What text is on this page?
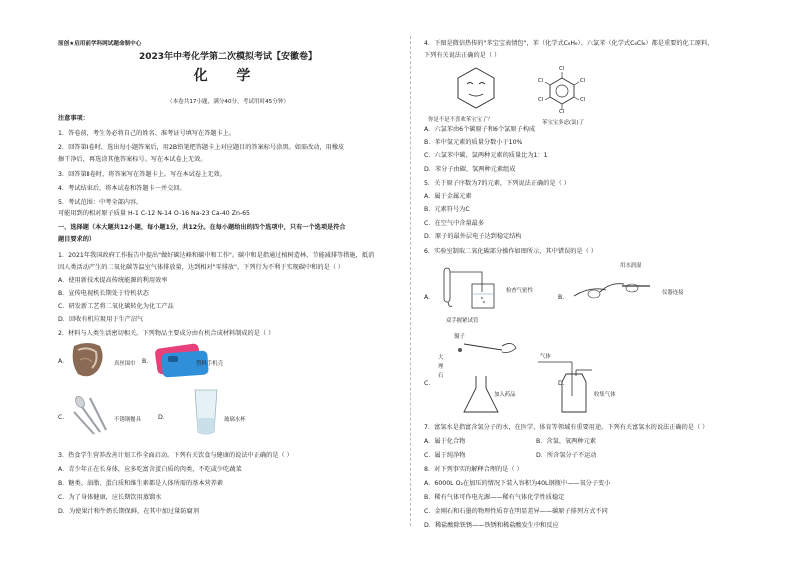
原创★启用前学科网试题命制中心
2023年中考化学第二次模拟考试【安徽卷】
化 学
（本卷共17小题，满分40分，考试用时45分钟）
注意事项：
1．答卷前，考生务必将自己的姓名、准考证号填写在答题卡上。
2．回答第Ⅰ卷时，选出每小题答案后，用2B铅笔把答题卡上对应题目的答案标号涂黑。如需改动，用橡皮
擦干净后，再选涂其他答案标号。写在本试卷上无效。
3．回答第Ⅱ卷时，将答案写在答题卡上。写在本试卷上无效。
4．考试结束后，将本试卷和答题卡一并交回。
5．考试范围：中考全部内容。
可能用到的相对原子质量 H-1 C-12 N-14 O-16 Na-23 Ca-40 Zn-65
一、选择题（本大题共12小题，每小题1分，共12分。在每小题给出的四个选项中，只有一个选项是符合
题目要求的）
1．2021年我国政府工作报告中提出"做好碳达峰和碳中和工作"。碳中和是指通过植树造林、节能减排等措施，抵消
因人类活动产生的二氧化碳等温室气体排放量，达到相对"零排放"。下列行为不利于实现碳中和的是（ ）
A．使用新技术提高传统能源的利用效率
B．宣传电视机长期处于待机状态
C．研发新工艺将二氧化碳转化为化工产品
D．回收有机垃圾用于生产沼气
2．材料与人类生活密切相关。下列物品主要成分由有机合成材料制成的是（ ）
A．	真丝围巾 B．	塑料手机壳
C．	不锈钢餐具	D．	玻璃水杯
3．热食学生营养改善计划工作全面启动。下列有关饮食与健康的说法中正确的是（ ）
A．青少年正在长身体，应多吃富含蛋白质的肉类，不吃或少吃蔬菜
B．糖类、油脂、蛋白质和维生素都是人体所需的基本营养素
C．为了身体健康，应长期饮用蒸馏水
D．为使果汁和牛奶长期保鲜，在其中加过量防腐剂
4．下图是微信热传的"苯宝宝表情包"，苯（化学式C₆H₆）、六氯苯（化学式C₆Cl₆）都是重要的化工原料，
下列有关说法正确的是（ ）
你是不是不喜欢苯宝宝了？
Cl
Cl
Cl
Cl
Cl
Cl
苯宝宝多虑(氯)了
A．六氯苯由6个碳原子和6个氯原子构成
B．苯中氢元素的质量分数小于10%
C．六氯苯中碳、氯两种元素的质量比为1：1
D．苯分子由碳、氢两种元素组成
5．关于原子序数为7的元素，下列说法正确的是（ ）
A．属于金属元素
B．元素符号为C
C．在空气中含量最多
D．原子的最外层电子达到稳定结构
6．实验室制取二氧化碳部分操作如图所示，其中错误的是（ ）
A．
检查气密性
双手握紧试管
B．
用水润湿
仪器连接
C．
镊子
大理石
加入药品
D．
气体
收集气体
7．富氢水是指富含氢分子的水，在医学、体育等领域有重要用途。下列有关富氢水的说法正确的是（ ）
A．属于化合物	B．含氢、氧两种元素
C．属于纯净物	D．所含氢分子不运动
8．对下列事实的解释合理的是（ ）
A．6000L O₂在加压的情况下装入容积为40L钢瓶中——氧分子变小
B．稀有气体可作电光源——稀有气体化学性质稳定
C．金刚石和石墨的物理性质存在明显差异——碳原子排列方式不同
D．稀盐酸除铁锈——铁锈和稀盐酸发生中和反应
